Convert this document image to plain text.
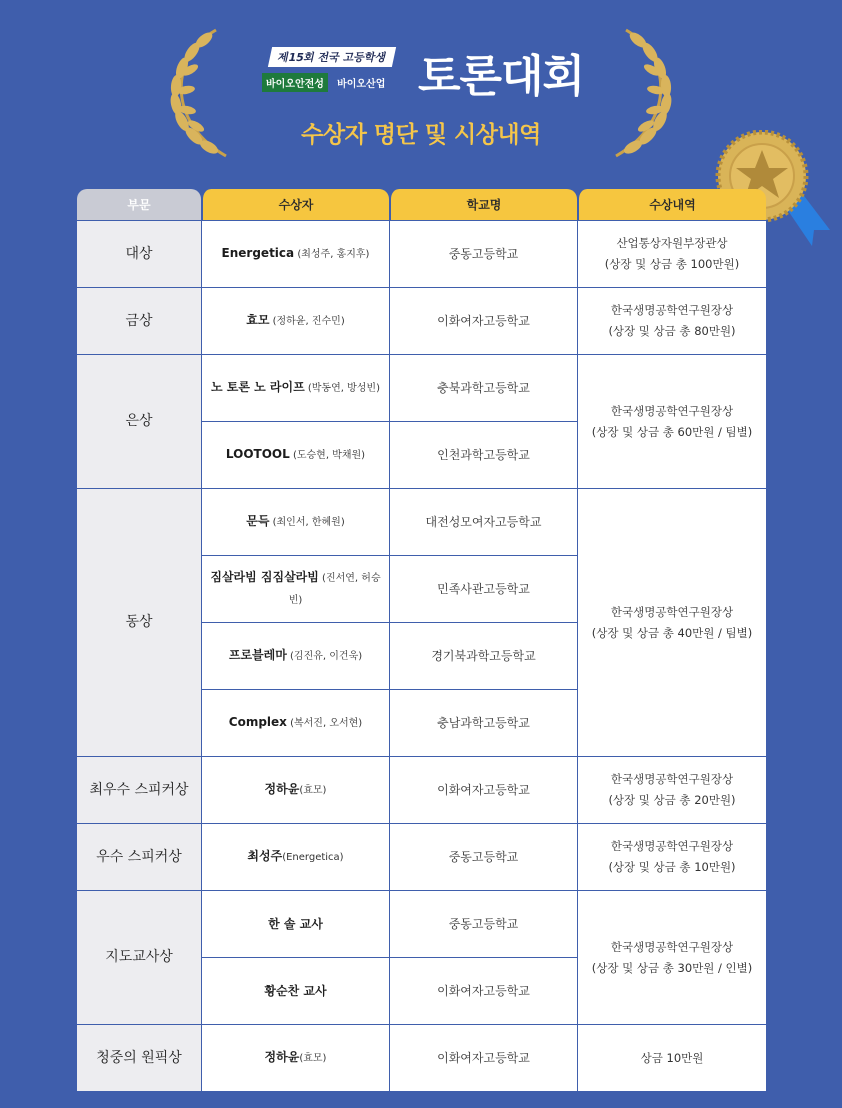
제15회 전국 고등학생
바이오안전성 바이오산업 토론대회
수상자 명단 및 시상내역
부문	수상자	학교명	수상내역
대상	Energetica (최성주, 홍지후)	중동고등학교	산업통상자원부장관상
(상장 및 상금 총 100만원)

금상	효모 (정하윤, 진수민)	이화여자고등학교	한국생명공학연구원장상
(상장 및 상금 총 80만원)

은상	노 토론 노 라이프 (박동연, 방성빈)	충북과학고등학교	한국생명공학연구원장상
(상장 및 상금 총 60만원 / 팀별)

	LOOTOOL (도승현, 박채원)	인천과학고등학교	
동상	문득 (최인서, 한혜원)	대전성모여자고등학교	한국생명공학연구원장상
(상장 및 상금 총 40만원 / 팀별)

	짐살라빔 짐짐살라빔 (진서연, 허승빈)	민족사관고등학교	
	프로블레마 (김진유, 이건욱)	경기북과학고등학교	
	Complex (복서진, 오서현)	충남과학고등학교	
최우수 스피커상	정하윤(효모)	이화여자고등학교	한국생명공학연구원장상
(상장 및 상금 총 20만원)

우수 스피커상	최성주(Energetica)	중동고등학교	한국생명공학연구원장상
(상장 및 상금 총 10만원)

지도교사상	한 솔 교사	중동고등학교	한국생명공학연구원장상
(상장 및 상금 총 30만원 / 인별)

	황순찬 교사	이화여자고등학교	
청중의 원픽상	정하윤(효모)	이화여자고등학교	상금 10만원
